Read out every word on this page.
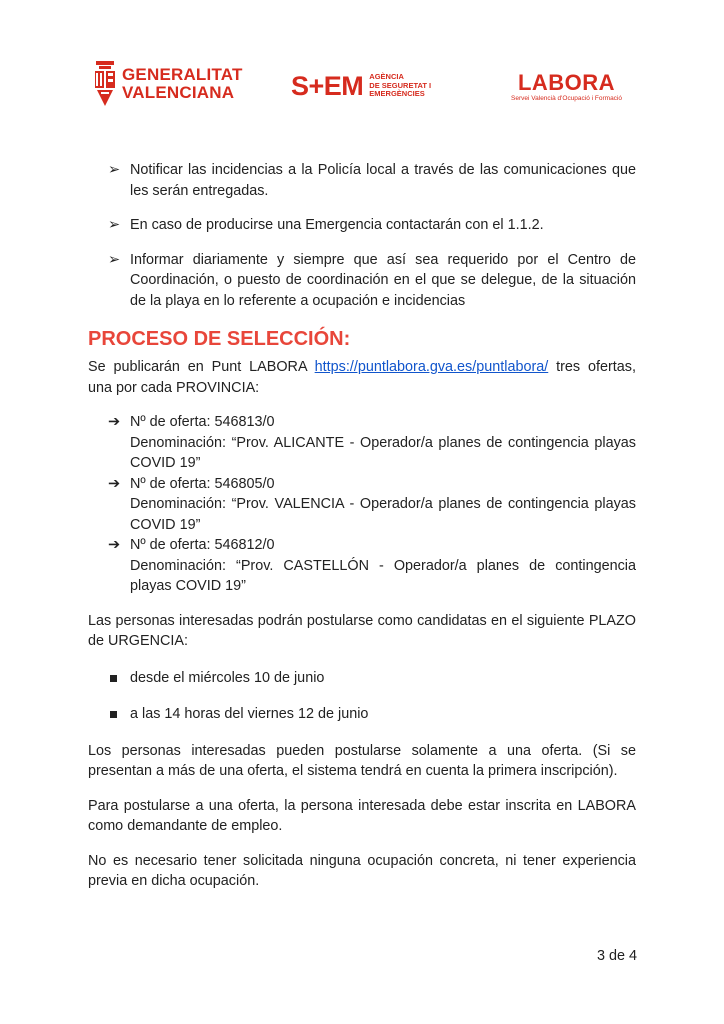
GENERALITAT
VALENCIANA	S+EM AGÈNCIA
DE SEGURETAT I
EMERGÈNCIES	LABORA
Servei Valencià d'Ocupació i Formació
➢ Notificar las incidencias a la Policía local a través de las comunicaciones que les serán entregadas.
➢ En caso de producirse una Emergencia contactarán con el 1.1.2.
➢ Informar diariamente y siempre que así sea requerido por el Centro de Coordinación, o puesto de coordinación en el que se delegue, de la situación de la playa en lo referente a ocupación e incidencias
PROCESO DE SELECCIÓN:

Se publicarán en Punt LABORA https://puntlabora.gva.es/puntlabora/ tres ofertas, una por cada PROVINCIA:

➔ Nº de oferta: 546813/0
Denominación: “Prov. ALICANTE - Operador/a planes de contingencia playas COVID 19”
➔ Nº de oferta: 546805/0
Denominación: “Prov. VALENCIA - Operador/a planes de contingencia playas COVID 19”
➔ Nº de oferta: 546812/0
Denominación: “Prov. CASTELLÓN - Operador/a planes de contingencia playas COVID 19”

Las personas interesadas podrán postularse como candidatas en el siguiente PLAZO de URGENCIA:

desde el miércoles 10 de junio
a las 14 horas del viernes 12 de junio

Los personas interesadas pueden postularse solamente a una oferta. (Si se presentan a más de una oferta, el sistema tendrá en cuenta la primera inscripción).

Para postularse a una oferta, la persona interesada debe estar inscrita en LABORA como demandante de empleo.

No es necesario tener solicitada ninguna ocupación concreta, ni tener experiencia previa en dicha ocupación.

3 de 4
